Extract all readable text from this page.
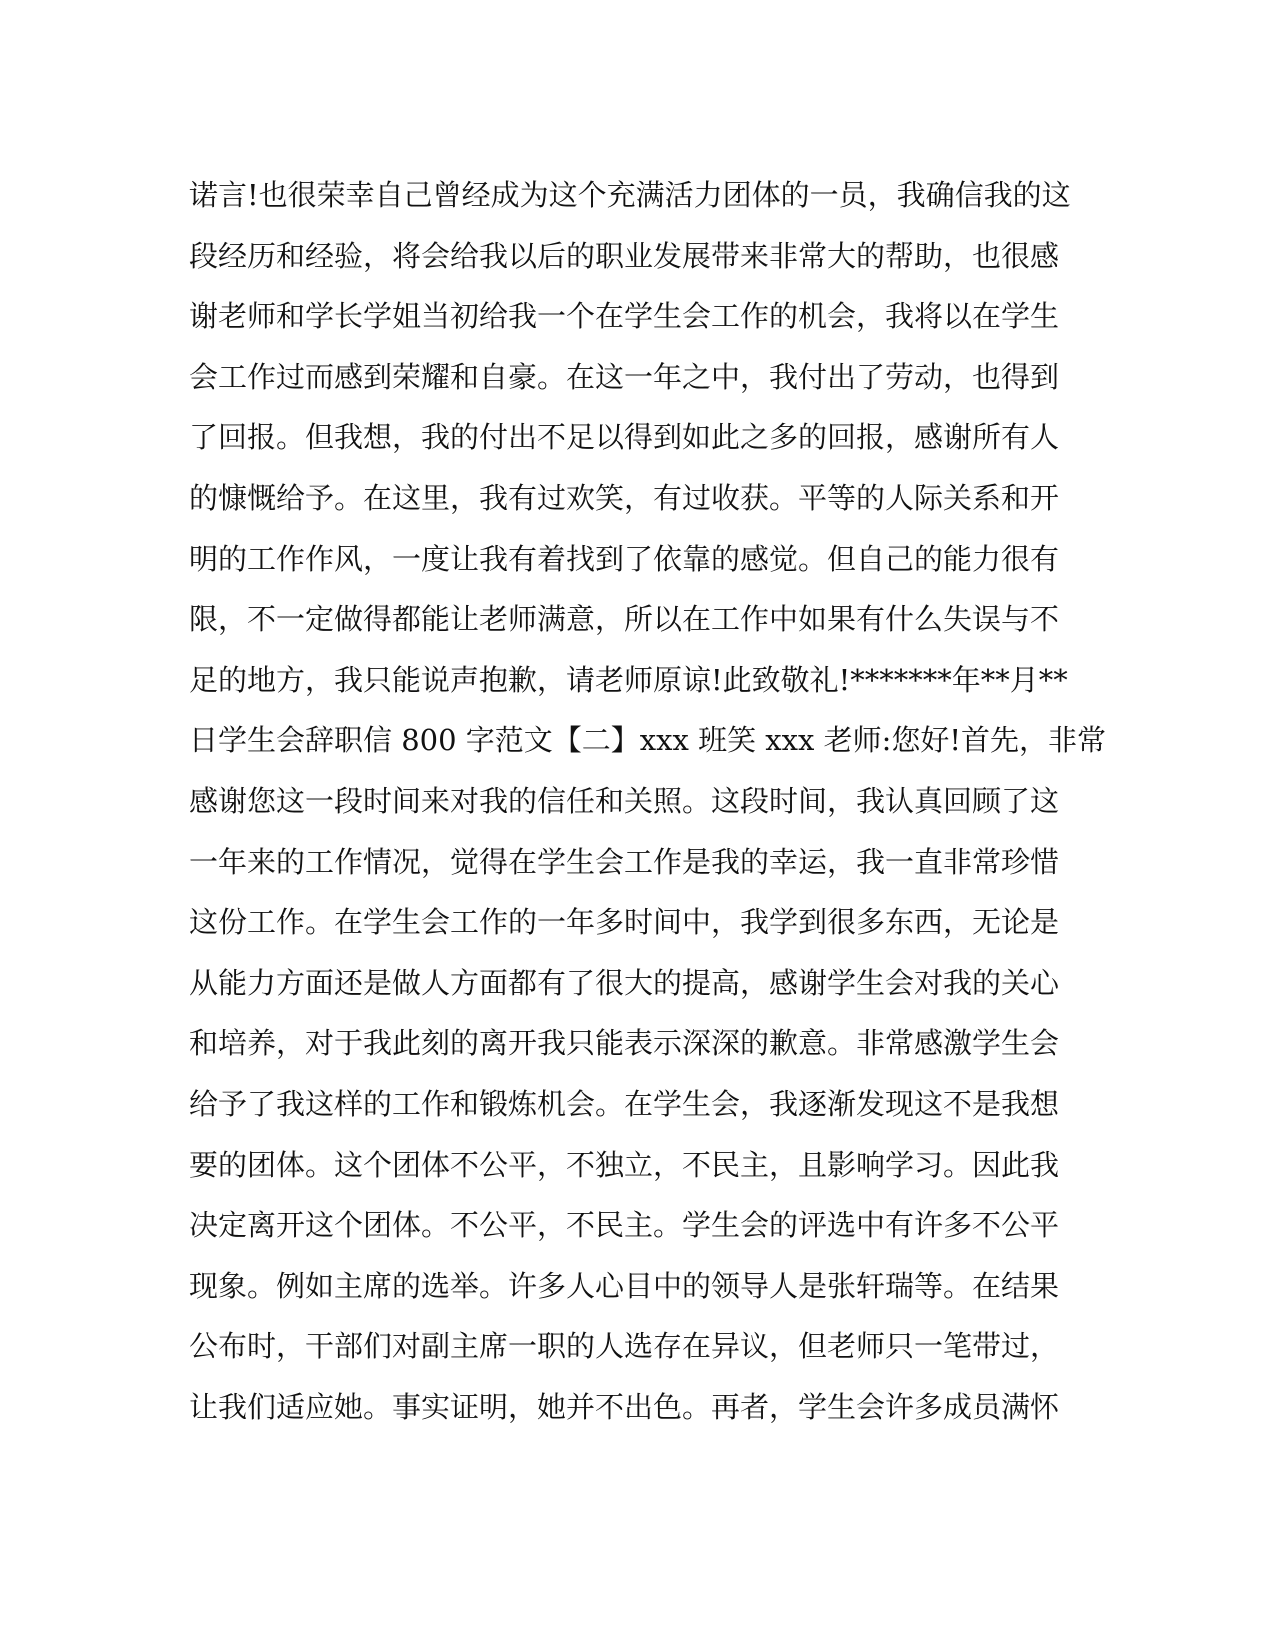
诺言!也很荣幸自己曾经成为这个充满活力团体的一员，我确信我的这
段经历和经验，将会给我以后的职业发展带来非常大的帮助，也很感
谢老师和学长学姐当初给我一个在学生会工作的机会，我将以在学生
会工作过而感到荣耀和自豪。在这一年之中，我付出了劳动，也得到
了回报。但我想，我的付出不足以得到如此之多的回报，感谢所有人
的慷慨给予。在这里，我有过欢笑，有过收获。平等的人际关系和开
明的工作作风，一度让我有着找到了依靠的感觉。但自己的能力很有
限，不一定做得都能让老师满意，所以在工作中如果有什么失误与不
足的地方，我只能说声抱歉，请老师原谅!此致敬礼!*******年**月**
日学生会辞职信 800 字范文【二】xxx 班笑 xxx 老师:您好!首先，非常
感谢您这一段时间来对我的信任和关照。这段时间，我认真回顾了这
一年来的工作情况，觉得在学生会工作是我的幸运，我一直非常珍惜
这份工作。在学生会工作的一年多时间中，我学到很多东西，无论是
从能力方面还是做人方面都有了很大的提高，感谢学生会对我的关心
和培养，对于我此刻的离开我只能表示深深的歉意。非常感激学生会
给予了我这样的工作和锻炼机会。在学生会，我逐渐发现这不是我想
要的团体。这个团体不公平，不独立，不民主，且影响学习。因此我
决定离开这个团体。不公平，不民主。学生会的评选中有许多不公平
现象。例如主席的选举。许多人心目中的领导人是张轩瑞等。在结果
公布时，干部们对副主席一职的人选存在异议，但老师只一笔带过，
让我们适应她。事实证明，她并不出色。再者，学生会许多成员满怀
